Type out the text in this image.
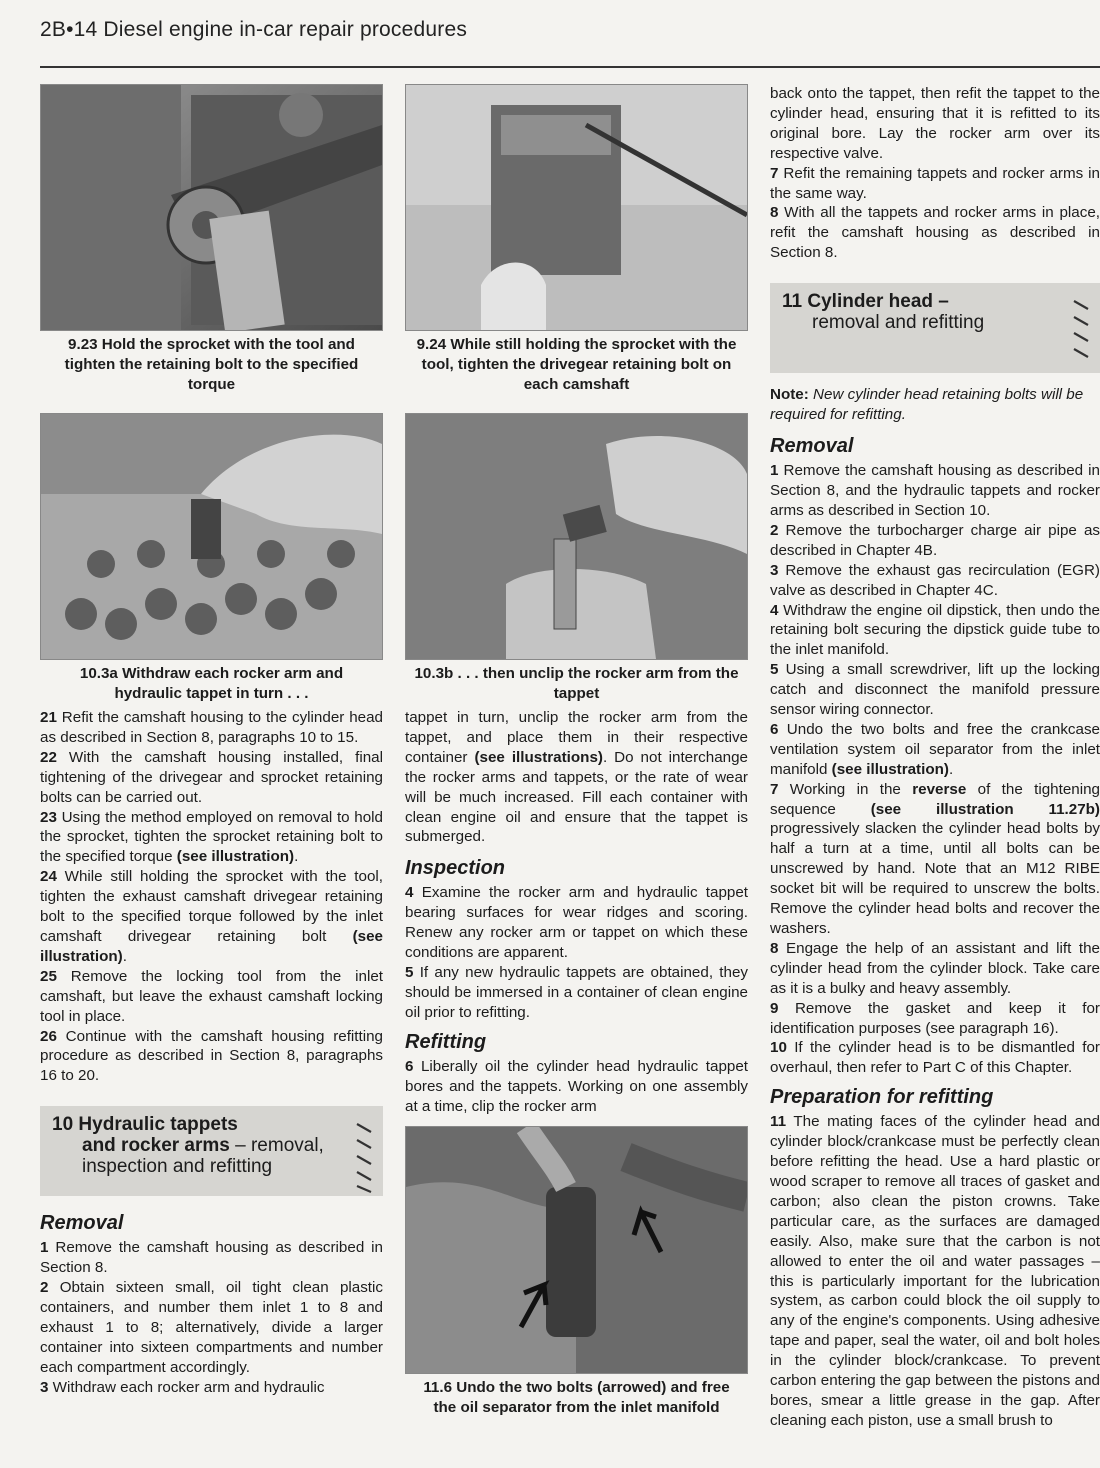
2B•14 Diesel engine in-car repair procedures

9.23 Hold the sprocket with the tool and tighten the retaining bolt to the specified torque

10.3a Withdraw each rocker arm and hydraulic tappet in turn . . .

21 Refit the camshaft housing to the cylinder head as described in Section 8, paragraphs 10 to 15.

22 With the camshaft housing installed, final tightening of the drivegear and sprocket retaining bolts can be carried out.

23 Using the method employed on removal to hold the sprocket, tighten the sprocket retaining bolt to the specified torque (see illustration).

24 While still holding the sprocket with the tool, tighten the exhaust camshaft drivegear retaining bolt to the specified torque followed by the inlet camshaft drivegear retaining bolt (see illustration).

25 Remove the locking tool from the inlet camshaft, but leave the exhaust camshaft locking tool in place.

26 Continue with the camshaft housing refitting procedure as described in Section 8, paragraphs 16 to 20.

10 Hydraulic tappets
and rocker arms – removal,
inspection and refitting
Removal

1 Remove the camshaft housing as described in Section 8.

2 Obtain sixteen small, oil tight clean plastic containers, and number them inlet 1 to 8 and exhaust 1 to 8; alternatively, divide a larger container into sixteen compartments and number each compartment accordingly.

3 Withdraw each rocker arm and hydraulic

9.24 While still holding the sprocket with the tool, tighten the drivegear retaining bolt on each camshaft

10.3b . . . then unclip the rocker arm from the tappet

tappet in turn, unclip the rocker arm from the tappet, and place them in their respective container (see illustrations). Do not interchange the rocker arms and tappets, or the rate of wear will be much increased. Fill each container with clean engine oil and ensure that the tappet is submerged.

Inspection

4 Examine the rocker arm and hydraulic tappet bearing surfaces for wear ridges and scoring. Renew any rocker arm or tappet on which these conditions are apparent.

5 If any new hydraulic tappets are obtained, they should be immersed in a container of clean engine oil prior to refitting.

Refitting

6 Liberally oil the cylinder head hydraulic tappet bores and the tappets. Working on one assembly at a time, clip the rocker arm

11.6 Undo the two bolts (arrowed) and free the oil separator from the inlet manifold

back onto the tappet, then refit the tappet to the cylinder head, ensuring that it is refitted to its original bore. Lay the rocker arm over its respective valve.

7 Refit the remaining tappets and rocker arms in the same way.

8 With all the tappets and rocker arms in place, refit the camshaft housing as described in Section 8.

11 Cylinder head –
removal and refitting

Note: New cylinder head retaining bolts will be required for refitting.

Removal

1 Remove the camshaft housing as described in Section 8, and the hydraulic tappets and rocker arms as described in Section 10.

2 Remove the turbocharger charge air pipe as described in Chapter 4B.

3 Remove the exhaust gas recirculation (EGR) valve as described in Chapter 4C.

4 Withdraw the engine oil dipstick, then undo the retaining bolt securing the dipstick guide tube to the inlet manifold.

5 Using a small screwdriver, lift up the locking catch and disconnect the manifold pressure sensor wiring connector.

6 Undo the two bolts and free the crankcase ventilation system oil separator from the inlet manifold (see illustration).

7 Working in the reverse of the tightening sequence (see illustration 11.27b) progressively slacken the cylinder head bolts by half a turn at a time, until all bolts can be unscrewed by hand. Note that an M12 RIBE socket bit will be required to unscrew the bolts. Remove the cylinder head bolts and recover the washers.

8 Engage the help of an assistant and lift the cylinder head from the cylinder block. Take care as it is a bulky and heavy assembly.

9 Remove the gasket and keep it for identification purposes (see paragraph 16).

10 If the cylinder head is to be dismantled for overhaul, then refer to Part C of this Chapter.

Preparation for refitting

11 The mating faces of the cylinder head and cylinder block/crankcase must be perfectly clean before refitting the head. Use a hard plastic or wood scraper to remove all traces of gasket and carbon; also clean the piston crowns. Take particular care, as the surfaces are damaged easily. Also, make sure that the carbon is not allowed to enter the oil and water passages – this is particularly important for the lubrication system, as carbon could block the oil supply to any of the engine's components. Using adhesive tape and paper, seal the water, oil and bolt holes in the cylinder block/crankcase. To prevent carbon entering the gap between the pistons and bores, smear a little grease in the gap. After cleaning each piston, use a small brush to
